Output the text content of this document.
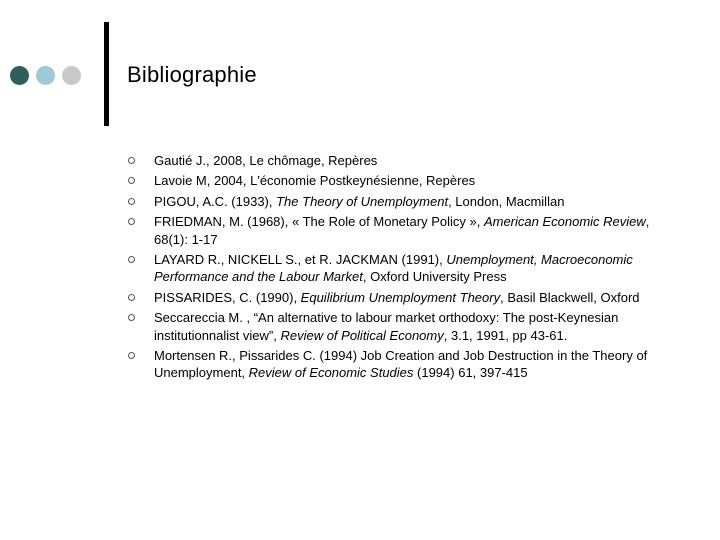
Bibliographie
Gautié J., 2008, Le chômage, Repères
Lavoie M, 2004, L'économie Postkeynésienne, Repères
PIGOU, A.C. (1933), The Theory of Unemployment, London, Macmillan
FRIEDMAN, M. (1968), « The Role of Monetary Policy », American Economic Review, 68(1): 1-17
LAYARD R., NICKELL S., et R. JACKMAN (1991), Unemployment, Macroeconomic Performance and the Labour Market, Oxford University Press
PISSARIDES, C. (1990), Equilibrium Unemployment Theory, Basil Blackwell, Oxford
Seccareccia M. , “An alternative to labour market orthodoxy: The post-Keynesian institutionnalist view”, Review of Political Economy, 3.1, 1991, pp 43-61.
Mortensen R., Pissarides C. (1994) Job Creation and Job Destruction in the Theory of Unemployment, Review of Economic Studies (1994) 61, 397-415
